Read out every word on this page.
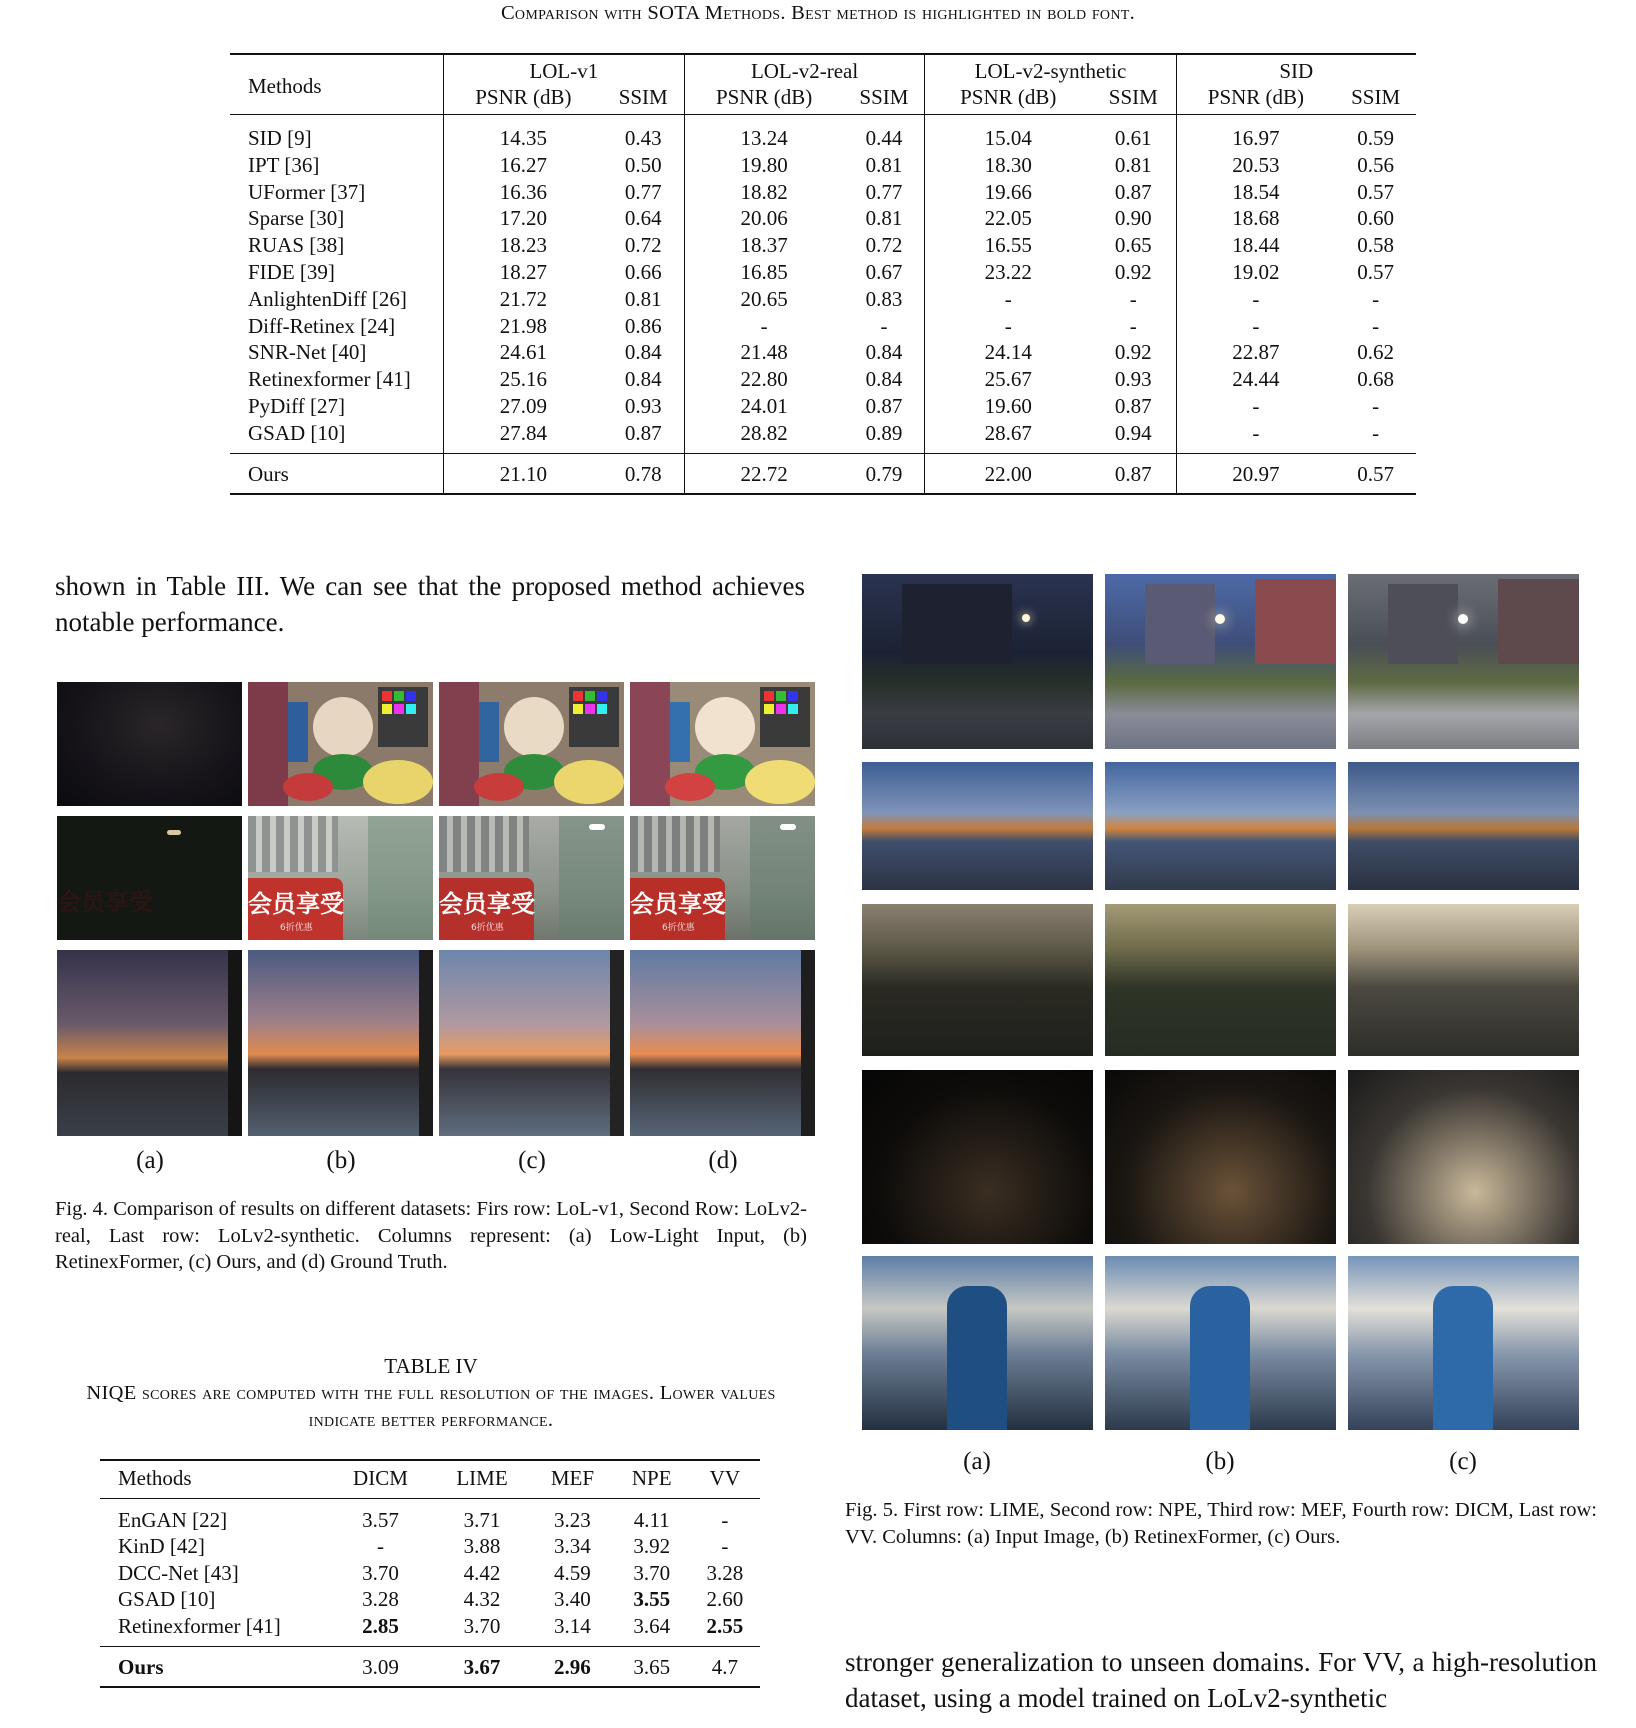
Comparison with SOTA Methods. Best method is highlighted in bold font.
Methods	LOL-v1		LOL-v2-real		LOL-v2-synthetic		SID	
	PSNR (dB)	SSIM	PSNR (dB)	SSIM	PSNR (dB)	SSIM	PSNR (dB)	SSIM
SID [9]	14.35	0.43	13.24	0.44	15.04	0.61	16.97	0.59
IPT [36]	16.27	0.50	19.80	0.81	18.30	0.81	20.53	0.56
UFormer [37]	16.36	0.77	18.82	0.77	19.66	0.87	18.54	0.57
Sparse [30]	17.20	0.64	20.06	0.81	22.05	0.90	18.68	0.60
RUAS [38]	18.23	0.72	18.37	0.72	16.55	0.65	18.44	0.58
FIDE [39]	18.27	0.66	16.85	0.67	23.22	0.92	19.02	0.57
AnlightenDiff [26]	21.72	0.81	20.65	0.83	-	-	-	-
Diff-Retinex [24]	21.98	0.86	-	-	-	-	-	-
SNR-Net [40]	24.61	0.84	21.48	0.84	24.14	0.92	22.87	0.62
Retinexformer [41]	25.16	0.84	22.80	0.84	25.67	0.93	24.44	0.68
PyDiff [27]	27.09	0.93	24.01	0.87	19.60	0.87	-	-
GSAD [10]	27.84	0.87	28.82	0.89	28.67	0.94	-	-
Ours	21.10	0.78	22.72	0.79	22.00	0.87	20.97	0.57
shown in Table III. We can see that the proposed method achieves notable performance.
会员享受	会员享受
6折优惠
会员享受
6折优惠
会员享受
6折优惠
(a)	(b)	(c)	(d)
Fig. 4. Comparison of results on different datasets: Firs row: LoL-v1, Second Row: LoLv2-real, Last row: LoLv2-synthetic. Columns represent: (a) Low-Light Input, (b) RetinexFormer, (c) Ours, and (d) Ground Truth.
TABLE IV
NIQE scores are computed with the full resolution of the images. Lower values indicate better performance.
Methods	DICM	LIME	MEF	NPE	VV
EnGAN [22]	3.57	3.71	3.23	4.11	-
KinD [42]	-	3.88	3.34	3.92	-
DCC-Net [43]	3.70	4.42	4.59	3.70	3.28
GSAD [10]	3.28	4.32	3.40	3.55	2.60
Retinexformer [41]	2.85	3.70	3.14	3.64	2.55
Ours	3.09	3.67	2.96	3.65	4.7
(a)	(b)	(c)
Fig. 5. First row: LIME, Second row: NPE, Third row: MEF, Fourth row: DICM, Last row: VV. Columns: (a) Input Image, (b) RetinexFormer, (c) Ours.
stronger generalization to unseen domains. For VV, a high-resolution dataset, using a model trained on LoLv2-synthetic
